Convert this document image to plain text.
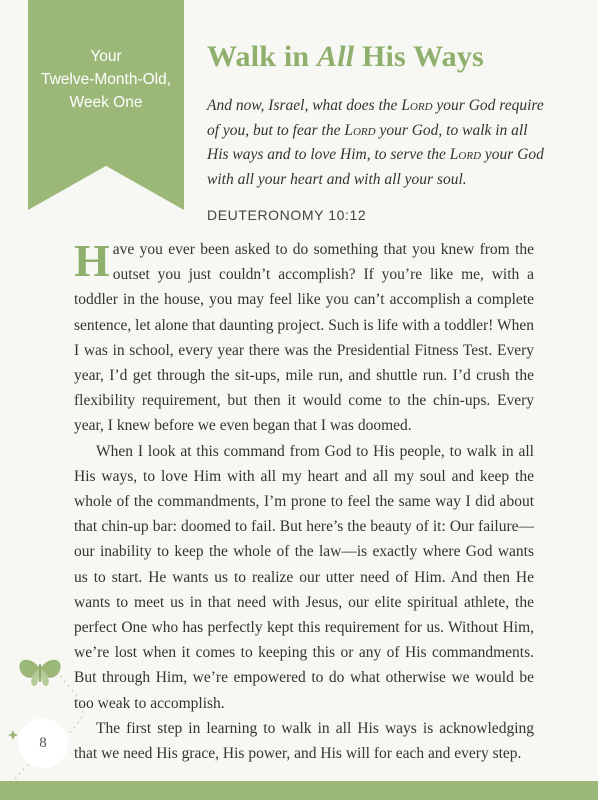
Your
Twelve-Month-Old,
Week One
Walk in All His Ways
And now, Israel, what does the Lord your God require of you, but to fear the Lord your God, to walk in all His ways and to love Him, to serve the Lord your God with all your heart and with all your soul.
DEUTERONOMY 10:12

Have you ever been asked to do something that you knew from the outset you just couldn’t accomplish? If you’re like me, with a toddler in the house, you may feel like you can’t accomplish a complete sentence, let alone that daunting project. Such is life with a toddler! When I was in school, every year there was the Presidential Fitness Test. Every year, I’d get through the sit-ups, mile run, and shuttle run. I’d crush the flexibility requirement, but then it would come to the chin-ups. Every year, I knew before we even began that I was doomed.

When I look at this command from God to His people, to walk in all His ways, to love Him with all my heart and all my soul and keep the whole of the commandments, I’m prone to feel the same way I did about that chin-up bar: doomed to fail. But here’s the beauty of it: Our failure—our inability to keep the whole of the law—is exactly where God wants us to start. He wants us to realize our utter need of Him. And then He wants to meet us in that need with Jesus, our elite spiritual athlete, the perfect One who has perfectly kept this requirement for us. Without Him, we’re lost when it comes to keeping this or any of His commandments. But through Him, we’re empowered to do what otherwise we would be too weak to accomplish.

The first step in learning to walk in all His ways is acknowledging that we need His grace, His power, and His will for each and every step.

8
